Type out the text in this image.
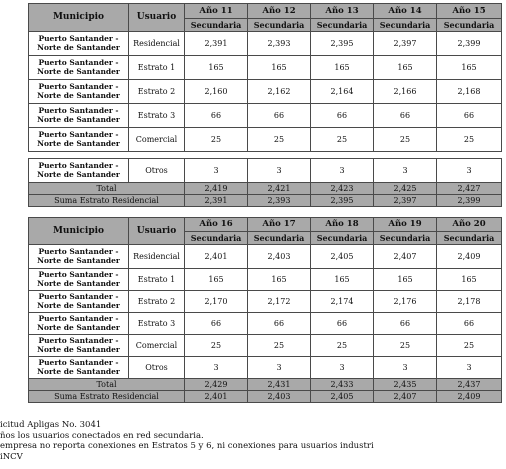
Municipio	Usuario	Año 11	Año 12	Año 13	Año 14	Año 15
		Secundaria	Secundaria	Secundaria	Secundaria	Secundaria
Puerto Santander - Norte de Santander	Residencial	2,391	2,393	2,395	2,397	2,399
Puerto Santander - Norte de Santander	Estrato 1	165	165	165	165	165
Puerto Santander - Norte de Santander	Estrato 2	2,160	2,162	2,164	2,166	2,168
Puerto Santander - Norte de Santander	Estrato 3	66	66	66	66	66
Puerto Santander - Norte de Santander	Comercial	25	25	25	25	25

Puerto Santander - Norte de Santander	Otros	3	3	3	3	3
Total		2,419	2,421	2,423	2,425	2,427
Suma Estrato Residencial		2,391	2,393	2,395	2,397	2,399
Municipio	Usuario	Año 16	Año 17	Año 18	Año 19	Año 20
		Secundaria	Secundaria	Secundaria	Secundaria	Secundaria
Puerto Santander - Norte de Santander	Residencial	2,401	2,403	2,405	2,407	2,409
Puerto Santander - Norte de Santander	Estrato 1	165	165	165	165	165
Puerto Santander - Norte de Santander	Estrato 2	2,170	2,172	2,174	2,176	2,178
Puerto Santander - Norte de Santander	Estrato 3	66	66	66	66	66
Puerto Santander - Norte de Santander	Comercial	25	25	25	25	25
Puerto Santander - Norte de Santander	Otros	3	3	3	3	3
Total		2,429	2,431	2,433	2,435	2,437
Suma Estrato Residencial		2,401	2,403	2,405	2,407	2,409
icitud Apligas No. 3041
ños los usuarios conectados en red secundaria.
empresa no reporta conexiones en Estratos 5 y 6, ni conexiones para usuarios industri
iNCV
